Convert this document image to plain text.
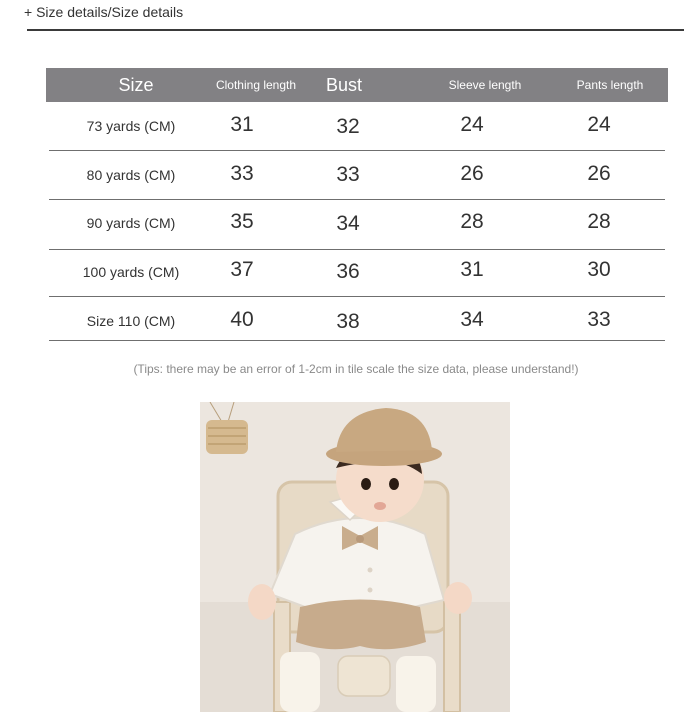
+ Size details/Size details
Size	Clothing length	Bust	Sleeve length	Pants length
73 yards (CM)	31	32	24	24
80 yards (CM)	33	33	26	26
90 yards (CM)	35	34	28	28
100 yards (CM)	37	36	31	30
Size 110 (CM)	40	38	34	33
(Tips: there may be an error of 1-2cm in tile scale the size data, please understand!)
